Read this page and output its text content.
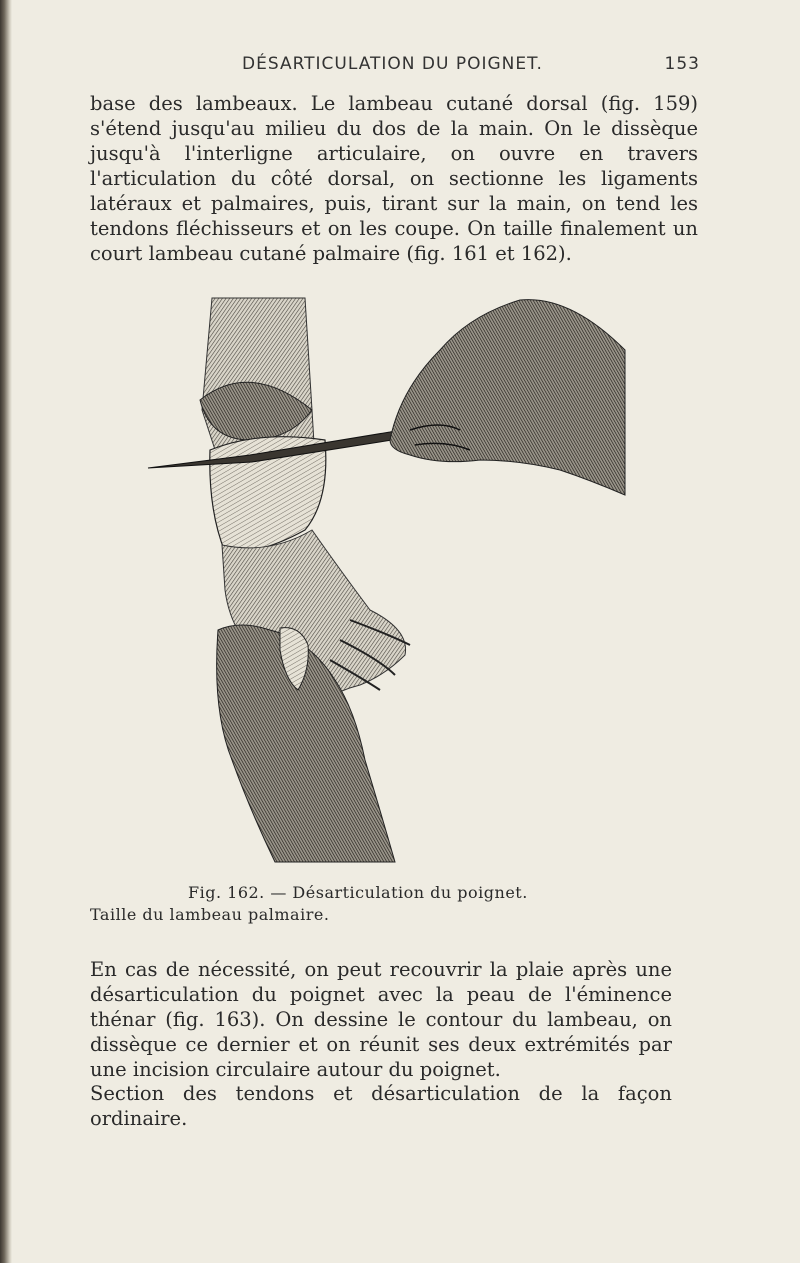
DÉSARTICULATION DU POIGNET.	153

base des lambeaux. Le lambeau cutané dorsal (fig. 159) s'étend jusqu'au milieu du dos de la main. On le dissèque jusqu'à l'interligne articulaire, on ouvre en travers l'articulation du côté dorsal, on sectionne les ligaments latéraux et palmaires, puis, tirant sur la main, on tend les tendons fléchisseurs et on les coupe. On taille finalement un court lambeau cutané palmaire (fig. 161 et 162).

Fig. 162. — Désarticulation du poignet.
Taille du lambeau palmaire.

En cas de nécessité, on peut recouvrir la plaie après une désarticulation du poignet avec la peau de l'éminence thénar (fig. 163). On dessine le contour du lambeau, on dissèque ce dernier et on réunit ses deux extrémités par une incision circulaire autour du poignet.

Section des tendons et désarticulation de la façon ordinaire.
